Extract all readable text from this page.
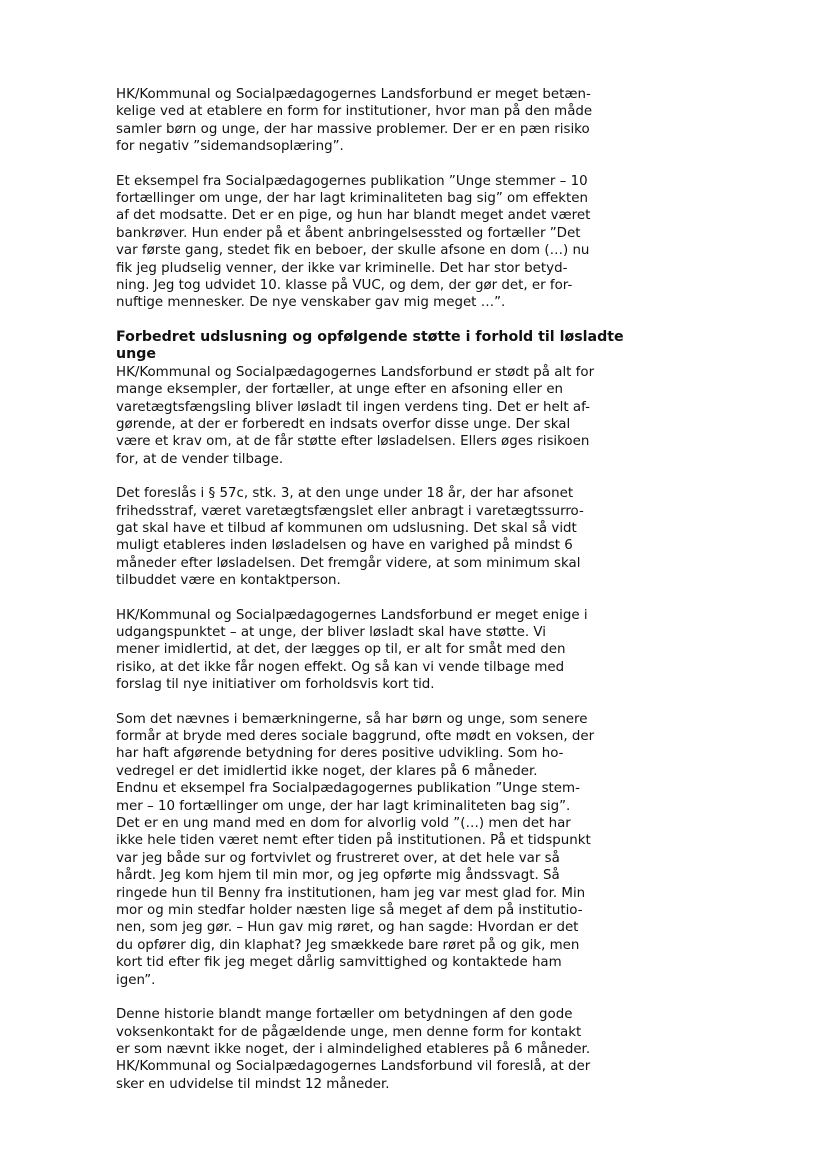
HK/Kommunal og Socialpædagogernes Landsforbund er meget betæn-
kelige ved at etablere en form for institutioner, hvor man på den måde
samler børn og unge, der har massive problemer. Der er en pæn risiko
for negativ ”sidemandsoplæring”.

Et eksempel fra Socialpædagogernes publikation ”Unge stemmer – 10
fortællinger om unge, der har lagt kriminaliteten bag sig” om effekten
af det modsatte. Det er en pige, og hun har blandt meget andet været
bankrøver. Hun ender på et åbent anbringelsessted og fortæller ”Det
var første gang, stedet fik en beboer, der skulle afsone en dom (…) nu
fik jeg pludselig venner, der ikke var kriminelle. Det har stor betyd-
ning. Jeg tog udvidet 10. klasse på VUC, og dem, der gør det, er for-
nuftige mennesker. De nye venskaber gav mig meget …”.

Forbedret udslusning og opfølgende støtte i forhold til løsladte unge

HK/Kommunal og Socialpædagogernes Landsforbund er stødt på alt for
mange eksempler, der fortæller, at unge efter en afsoning eller en
varetægtsfængsling bliver løsladt til ingen verdens ting. Det er helt af-
gørende, at der er forberedt en indsats overfor disse unge. Der skal
være et krav om, at de får støtte efter løsladelsen. Ellers øges risikoen
for, at de vender tilbage.

Det foreslås i § 57c, stk. 3, at den unge under 18 år, der har afsonet
frihedsstraf, været varetægtsfængslet eller anbragt i varetægtssurro-
gat skal have et tilbud af kommunen om udslusning. Det skal så vidt
muligt etableres inden løsladelsen og have en varighed på mindst 6
måneder efter løsladelsen. Det fremgår videre, at som minimum skal
tilbuddet være en kontaktperson.

HK/Kommunal og Socialpædagogernes Landsforbund er meget enige i
udgangspunktet – at unge, der bliver løsladt skal have støtte. Vi
mener imidlertid, at det, der lægges op til, er alt for småt med den
risiko, at det ikke får nogen effekt. Og så kan vi vende tilbage med
forslag til nye initiativer om forholdsvis kort tid.

Som det nævnes i bemærkningerne, så har børn og unge, som senere
formår at bryde med deres sociale baggrund, ofte mødt en voksen, der
har haft afgørende betydning for deres positive udvikling. Som ho-
vedregel er det imidlertid ikke noget, der klares på 6 måneder.

Endnu et eksempel fra Socialpædagogernes publikation ”Unge stem-
mer – 10 fortællinger om unge, der har lagt kriminaliteten bag sig”.
Det er en ung mand med en dom for alvorlig vold ”(…) men det har
ikke hele tiden været nemt efter tiden på institutionen. På et tidspunkt
var jeg både sur og fortvivlet og frustreret over, at det hele var så
hårdt. Jeg kom hjem til min mor, og jeg opførte mig åndssvagt. Så
ringede hun til Benny fra institutionen, ham jeg var mest glad for. Min
mor og min stedfar holder næsten lige så meget af dem på institutio-
nen, som jeg gør. – Hun gav mig røret, og han sagde: Hvordan er det
du opfører dig, din klaphat? Jeg smækkede bare røret på og gik, men
kort tid efter fik jeg meget dårlig samvittighed og kontaktede ham
igen”.

Denne historie blandt mange fortæller om betydningen af den gode
voksenkontakt for de pågældende unge, men denne form for kontakt
er som nævnt ikke noget, der i almindelighed etableres på 6 måneder.
HK/Kommunal og Socialpædagogernes Landsforbund vil foreslå, at der
sker en udvidelse til mindst 12 måneder.
